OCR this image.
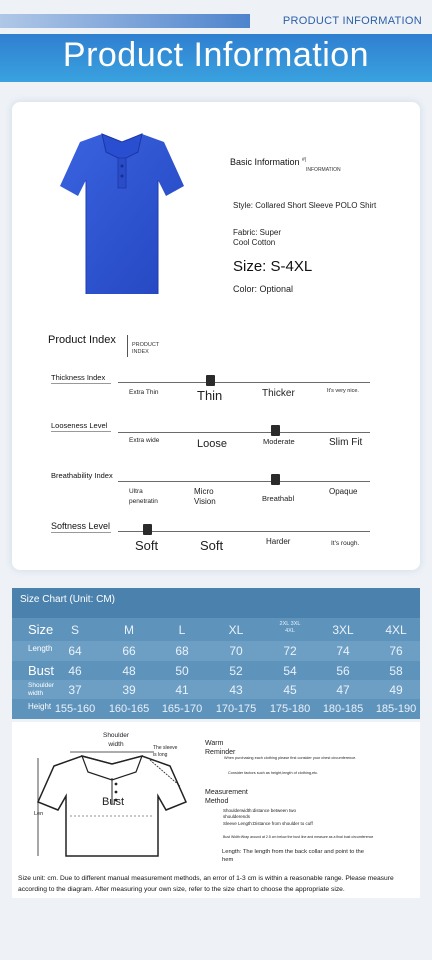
PRODUCT INFORMATION
Product Information
Basic Information #|
INFORMATION
Style: Collared Short Sleeve POLO Shirt
Fabric: Super Cool Cotton
Size: S-4XL
Color: Optional
Product Index	PRODUCT INDEX
Thickness Index
Extra Thin	Thin	Thicker	It's very nice.
Looseness Level
Extra wide	Loose	Moderate	Slim Fit
Breathability Index
Ultra penetratin
Micro Vision	Breathabl
Opaque
Softness Level
Soft	Soft	Harder	It's rough.
Size Chart (Unit: CM)
Size	S	M	L	XL	2XL 3XL 4XL	3XL	4XL
Length	64	66	68	70	72	74	76
Bust	46	48	50	52	54	56	58
Shoulder width	37	39	41	43	45	47	49
Height 155-160	160-165	165-170	170-175	175-180	180-185	185-190
Shoulder width	The sleeve is long
Len
Bust
Warm Reminder
When purchasing each clothing please first consider your chest circumference.
Consider factors such as height,length of clothing,etc.
Measurement Method
Shoulderwidth:distance between two shoulderends
Sleeve Length:Distance from shoulder to cuff
Bust Width:Wrap around at 2.5 cm below the bust line and measure as a final bust circumference
Length: The length from the back collar and point to the hem
Size unit: cm. Due to different manual measurement methods, an error of 1-3 cm is within a reasonable range. Please measure according to the diagram. After measuring your own size, refer to the size chart to choose the appropriate size.
